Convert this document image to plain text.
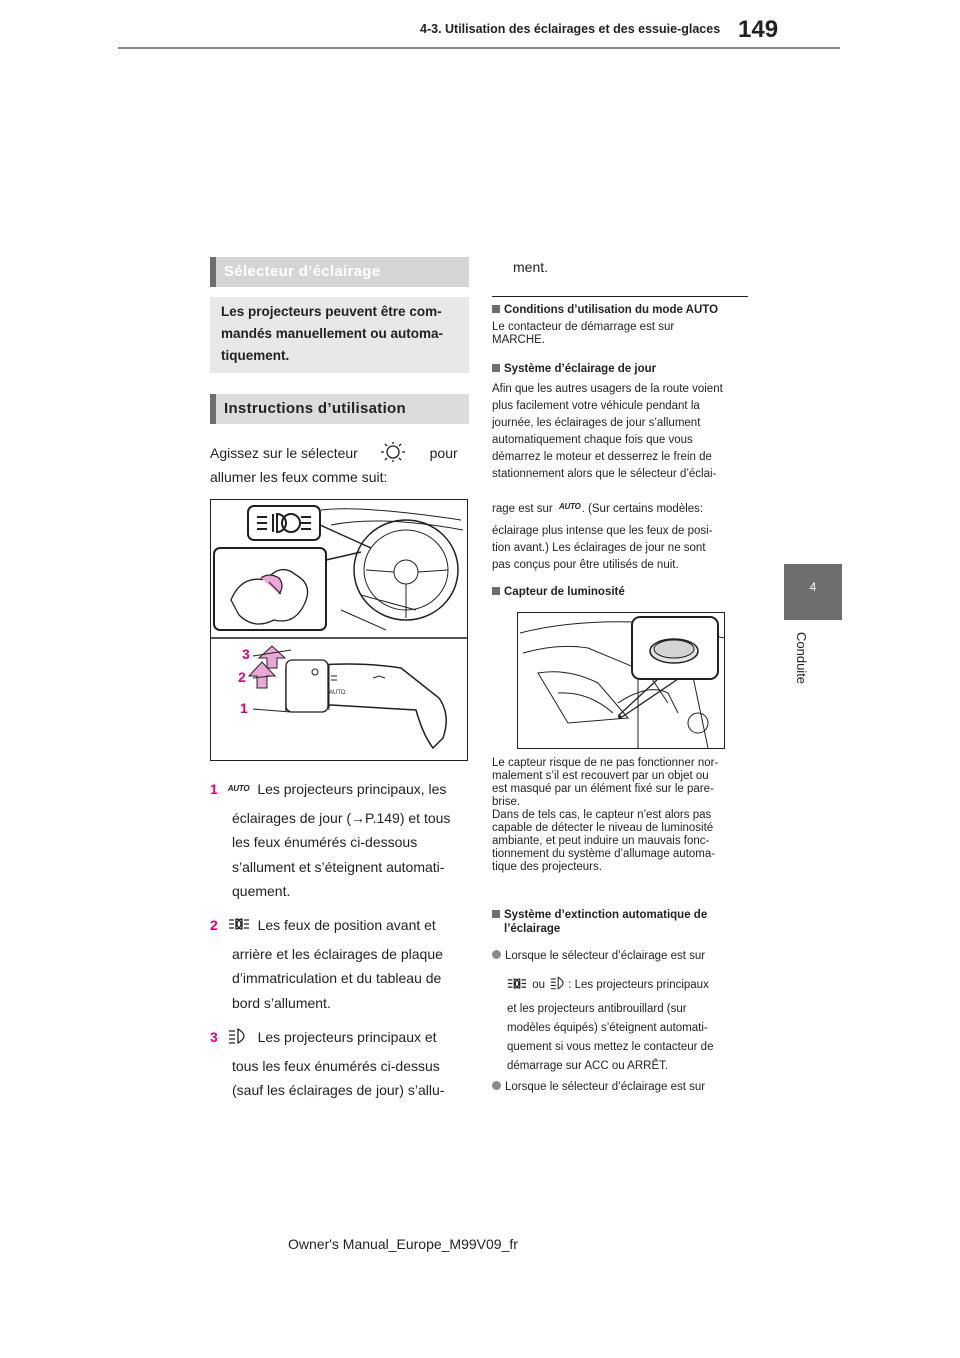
4-3. Utilisation des éclairages et des essuie-glaces 149
4
Conduite
Sélecteur d’éclairage
Les projecteurs peuvent être com-
mandés manuellement ou automa-
tiquement.
Instructions d’utilisation
Agissez sur le sélecteur	pour
allumer les feux comme suit:
AUTO
3
2
1
1 AUTO Les projecteurs principaux, les
éclairages de jour (→P.149) et tous
les feux énumérés ci-dessous
s’allument et s’éteignent automati-
quement.
2	Les feux de position avant et
arrière et les éclairages de plaque
d’immatriculation et du tableau de
bord s’allument.
3	Les projecteurs principaux et
tous les feux énumérés ci-dessus
(sauf les éclairages de jour) s’allu-
ment.
Conditions d’utilisation du mode AUTO
Le contacteur de démarrage est sur
MARCHE.
Système d’éclairage de jour
Afin que les autres usagers de la route voient
plus facilement votre véhicule pendant la
journée, les éclairages de jour s’allument
automatiquement chaque fois que vous
démarrez le moteur et desserrez le frein de
stationnement alors que le sélecteur d’éclai-
rage est sur AUTO. (Sur certains modèles:
éclairage plus intense que les feux de posi-
tion avant.) Les éclairages de jour ne sont
pas conçus pour être utilisés de nuit.
Capteur de luminosité
Le capteur risque de ne pas fonctionner nor-
malement s’il est recouvert par un objet ou
est masqué par un élément fixé sur le pare-
brise.
Dans de tels cas, le capteur n’est alors pas
capable de détecter le niveau de luminosité
ambiante, et peut induire un mauvais fonc-
tionnement du système d’allumage automa-
tique des projecteurs.
Système d’extinction automatique de
l’éclairage
Lorsque le sélecteur d’éclairage est sur
ou : Les projecteurs principaux
et les projecteurs antibrouillard (sur
modèles équipés) s’éteignent automati-
quement si vous mettez le contacteur de
démarrage sur ACC ou ARRÊT.
Lorsque le sélecteur d’éclairage est sur
Owner's Manual_Europe_M99V09_fr
